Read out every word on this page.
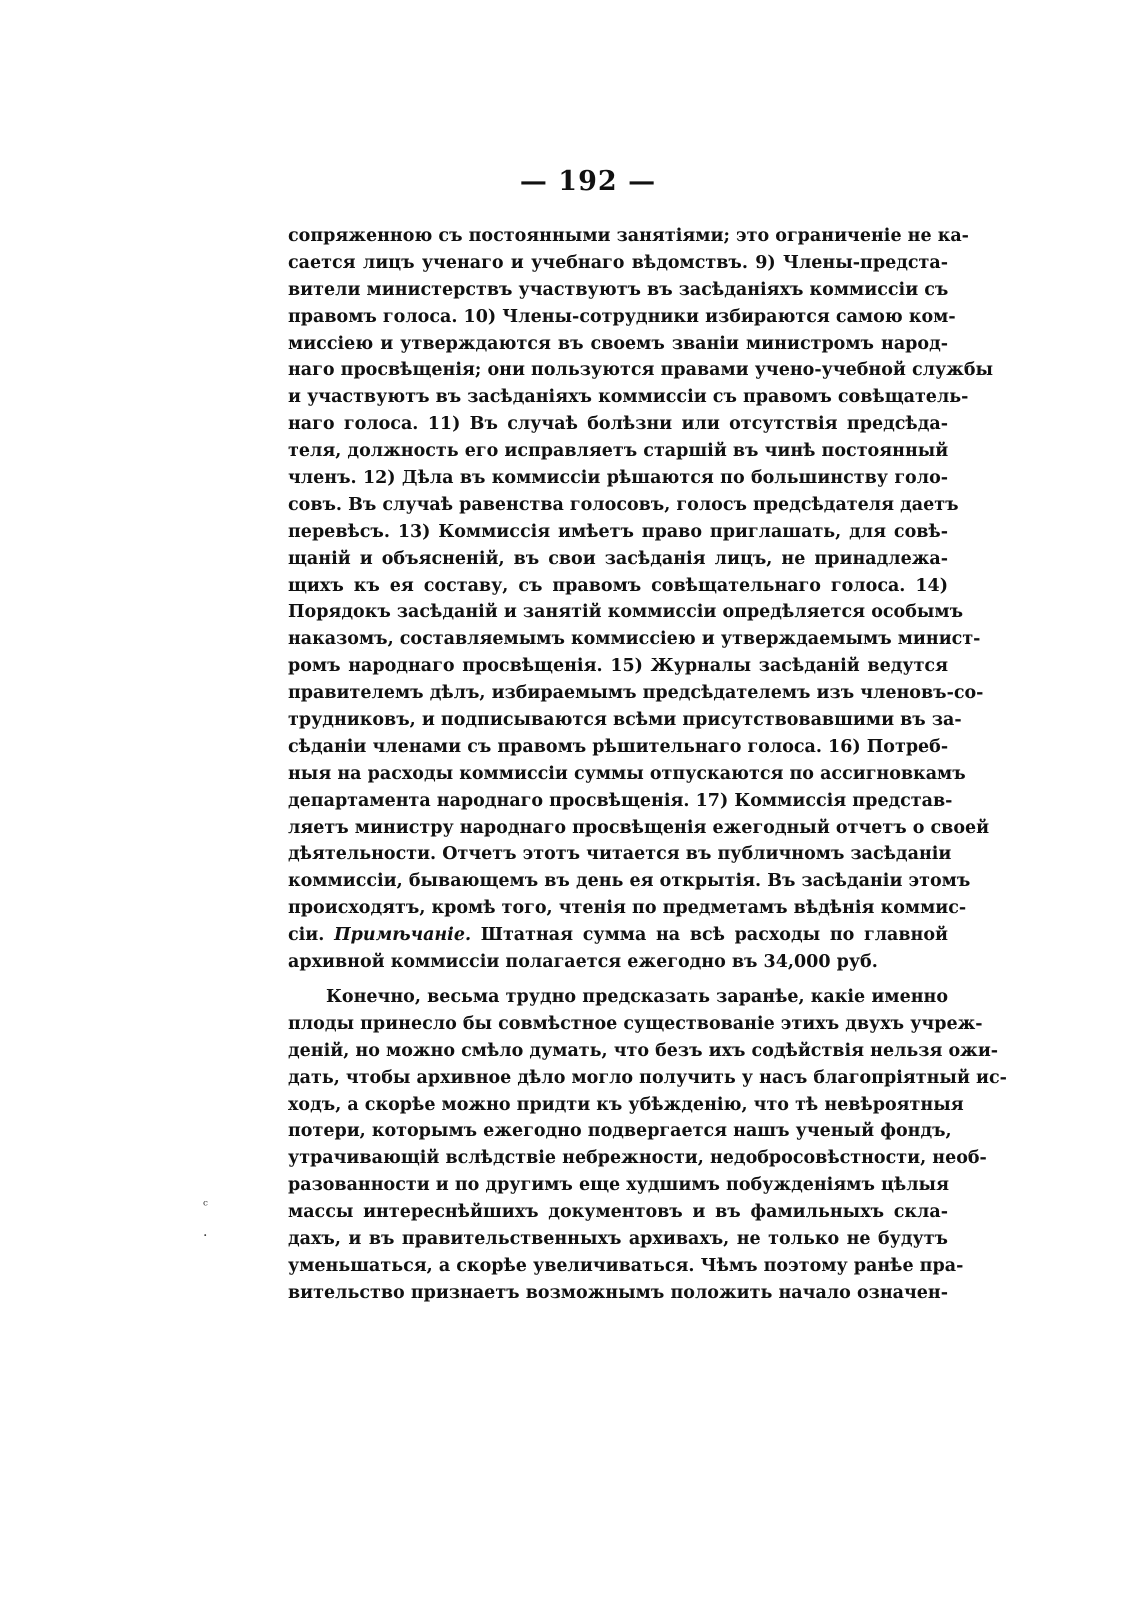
— 192 —
сопряженною съ постоянными занятіями; это ограниченіе не ка-
сается лицъ ученаго и учебнаго вѣдомствъ. 9) Члены-предста-
вители министерствъ участвуютъ въ засѣданіяхъ коммиссіи съ
правомъ голоса. 10) Члены-сотрудники избираются самою ком-
миссіею и утверждаются въ своемъ званіи министромъ народ-
наго просвѣщенія; они пользуются правами учено-учебной службы
и участвуютъ въ засѣданіяхъ коммиссіи съ правомъ совѣщатель-
наго голоса. 11) Въ случаѣ болѣзни или отсутствія предсѣда-
теля, должность его исправляетъ старшій въ чинѣ постоянный
членъ. 12) Дѣла въ коммиссіи рѣшаются по большинству голо-
совъ. Въ случаѣ равенства голосовъ, голосъ предсѣдателя даетъ
перевѣсъ. 13) Коммиссія имѣетъ право приглашать, для совѣ-
щаній и объясненій, въ свои засѣданія лицъ, не принадлежа-
щихъ къ ея составу, съ правомъ совѣщательнаго голоса. 14)
Порядокъ засѣданій и занятій коммиссіи опредѣляется особымъ
наказомъ, составляемымъ коммиссіею и утверждаемымъ минист-
ромъ народнаго просвѣщенія. 15) Журналы засѣданій ведутся
правителемъ дѣлъ, избираемымъ предсѣдателемъ изъ членовъ-со-
трудниковъ, и подписываются всѣми присутствовавшими въ за-
сѣданіи членами съ правомъ рѣшительнаго голоса. 16) Потреб-
ныя на расходы коммиссіи суммы отпускаются по ассигновкамъ
департамента народнаго просвѣщенія. 17) Коммиссія представ-
ляетъ министру народнаго просвѣщенія ежегодный отчетъ о своей
дѣятельности. Отчетъ этотъ читается въ публичномъ засѣданіи
коммиссіи, бывающемъ въ день ея открытія. Въ засѣданіи этомъ
происходятъ, кромѣ того, чтенія по предметамъ вѣдѣнія коммис-
сіи. Примѣчаніе. Штатная сумма на всѣ расходы по главной
архивной коммиссіи полагается ежегодно въ 34,000 руб.
Конечно, весьма трудно предсказать заранѣе, какіе именно
плоды принесло бы совмѣстное существованіе этихъ двухъ учреж-
деній, но можно смѣло думать, что безъ ихъ содѣйствія нельзя ожи-
дать, чтобы архивное дѣло могло получить у насъ благопріятный ис-
ходъ, а скорѣе можно придти къ убѣжденію, что тѣ невѣроятныя
потери, которымъ ежегодно подвергается нашъ ученый фондъ,
утрачивающій вслѣдствіе небрежности, недобросовѣстности, необ-
разованности и по другимъ еще худшимъ побужденіямъ цѣлыя
массы интереснѣйшихъ документовъ и въ фамильныхъ скла-
дахъ, и въ правительственныхъ архивахъ, не только не будутъ
уменьшаться, а скорѣе увеличиваться. Чѣмъ поэтому ранѣе пра-
вительство признаетъ возможнымъ положить начало означен-
ᶜ
·
